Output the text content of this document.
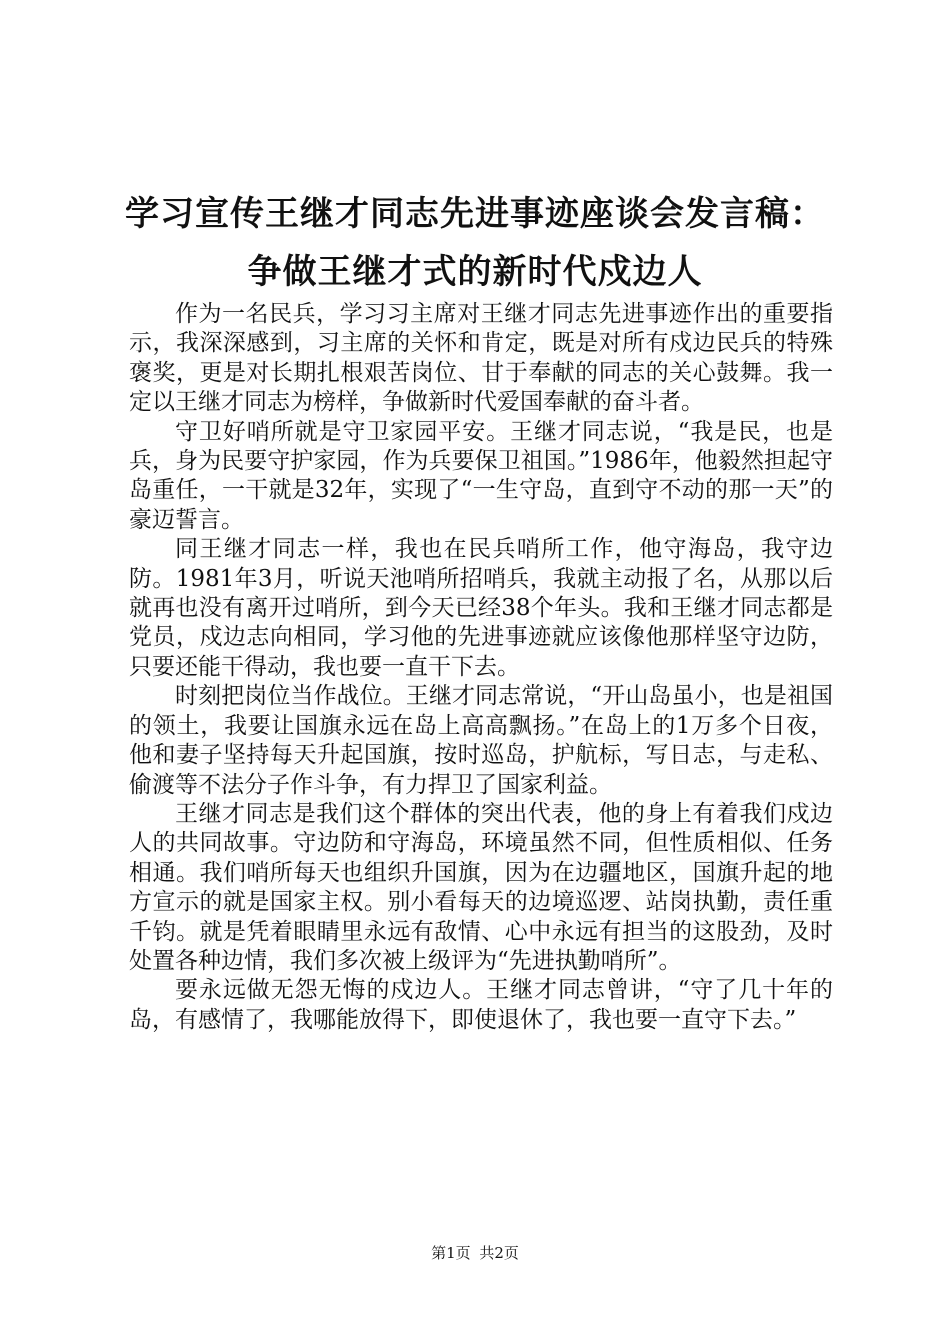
学习宣传王继才同志先进事迹座谈会发言稿：
争做王继才式的新时代戍边人

作为一名民兵，学习习主席对王继才同志先进事迹作出的重要指示，我深深感到，习主席的关怀和肯定，既是对所有戍边民兵的特殊褒奖，更是对长期扎根艰苦岗位、甘于奉献的同志的关心鼓舞。我一定以王继才同志为榜样，争做新时代爱国奉献的奋斗者。

守卫好哨所就是守卫家园平安。王继才同志说，“我是民，也是兵，身为民要守护家园，作为兵要保卫祖国。”1986年，他毅然担起守岛重任，一干就是32年，实现了“一生守岛，直到守不动的那一天”的豪迈誓言。

同王继才同志一样，我也在民兵哨所工作，他守海岛，我守边防。1981年3月，听说天池哨所招哨兵，我就主动报了名，从那以后就再也没有离开过哨所，到今天已经38个年头。我和王继才同志都是党员，戍边志向相同，学习他的先进事迹就应该像他那样坚守边防，只要还能干得动，我也要一直干下去。

时刻把岗位当作战位。王继才同志常说，“开山岛虽小，也是祖国的领土，我要让国旗永远在岛上高高飘扬。”在岛上的1万多个日夜，他和妻子坚持每天升起国旗，按时巡岛，护航标，写日志，与走私、偷渡等不法分子作斗争，有力捍卫了国家利益。

王继才同志是我们这个群体的突出代表，他的身上有着我们戍边人的共同故事。守边防和守海岛，环境虽然不同，但性质相似、任务相通。我们哨所每天也组织升国旗，因为在边疆地区，国旗升起的地方宣示的就是国家主权。别小看每天的边境巡逻、站岗执勤，责任重千钧。就是凭着眼睛里永远有敌情、心中永远有担当的这股劲，及时处置各种边情，我们多次被上级评为“先进执勤哨所”。

要永远做无怨无悔的戍边人。王继才同志曾讲，“守了几十年的岛，有感情了，我哪能放得下，即使退休了，我也要一直守下去。”

第1页 共2页
